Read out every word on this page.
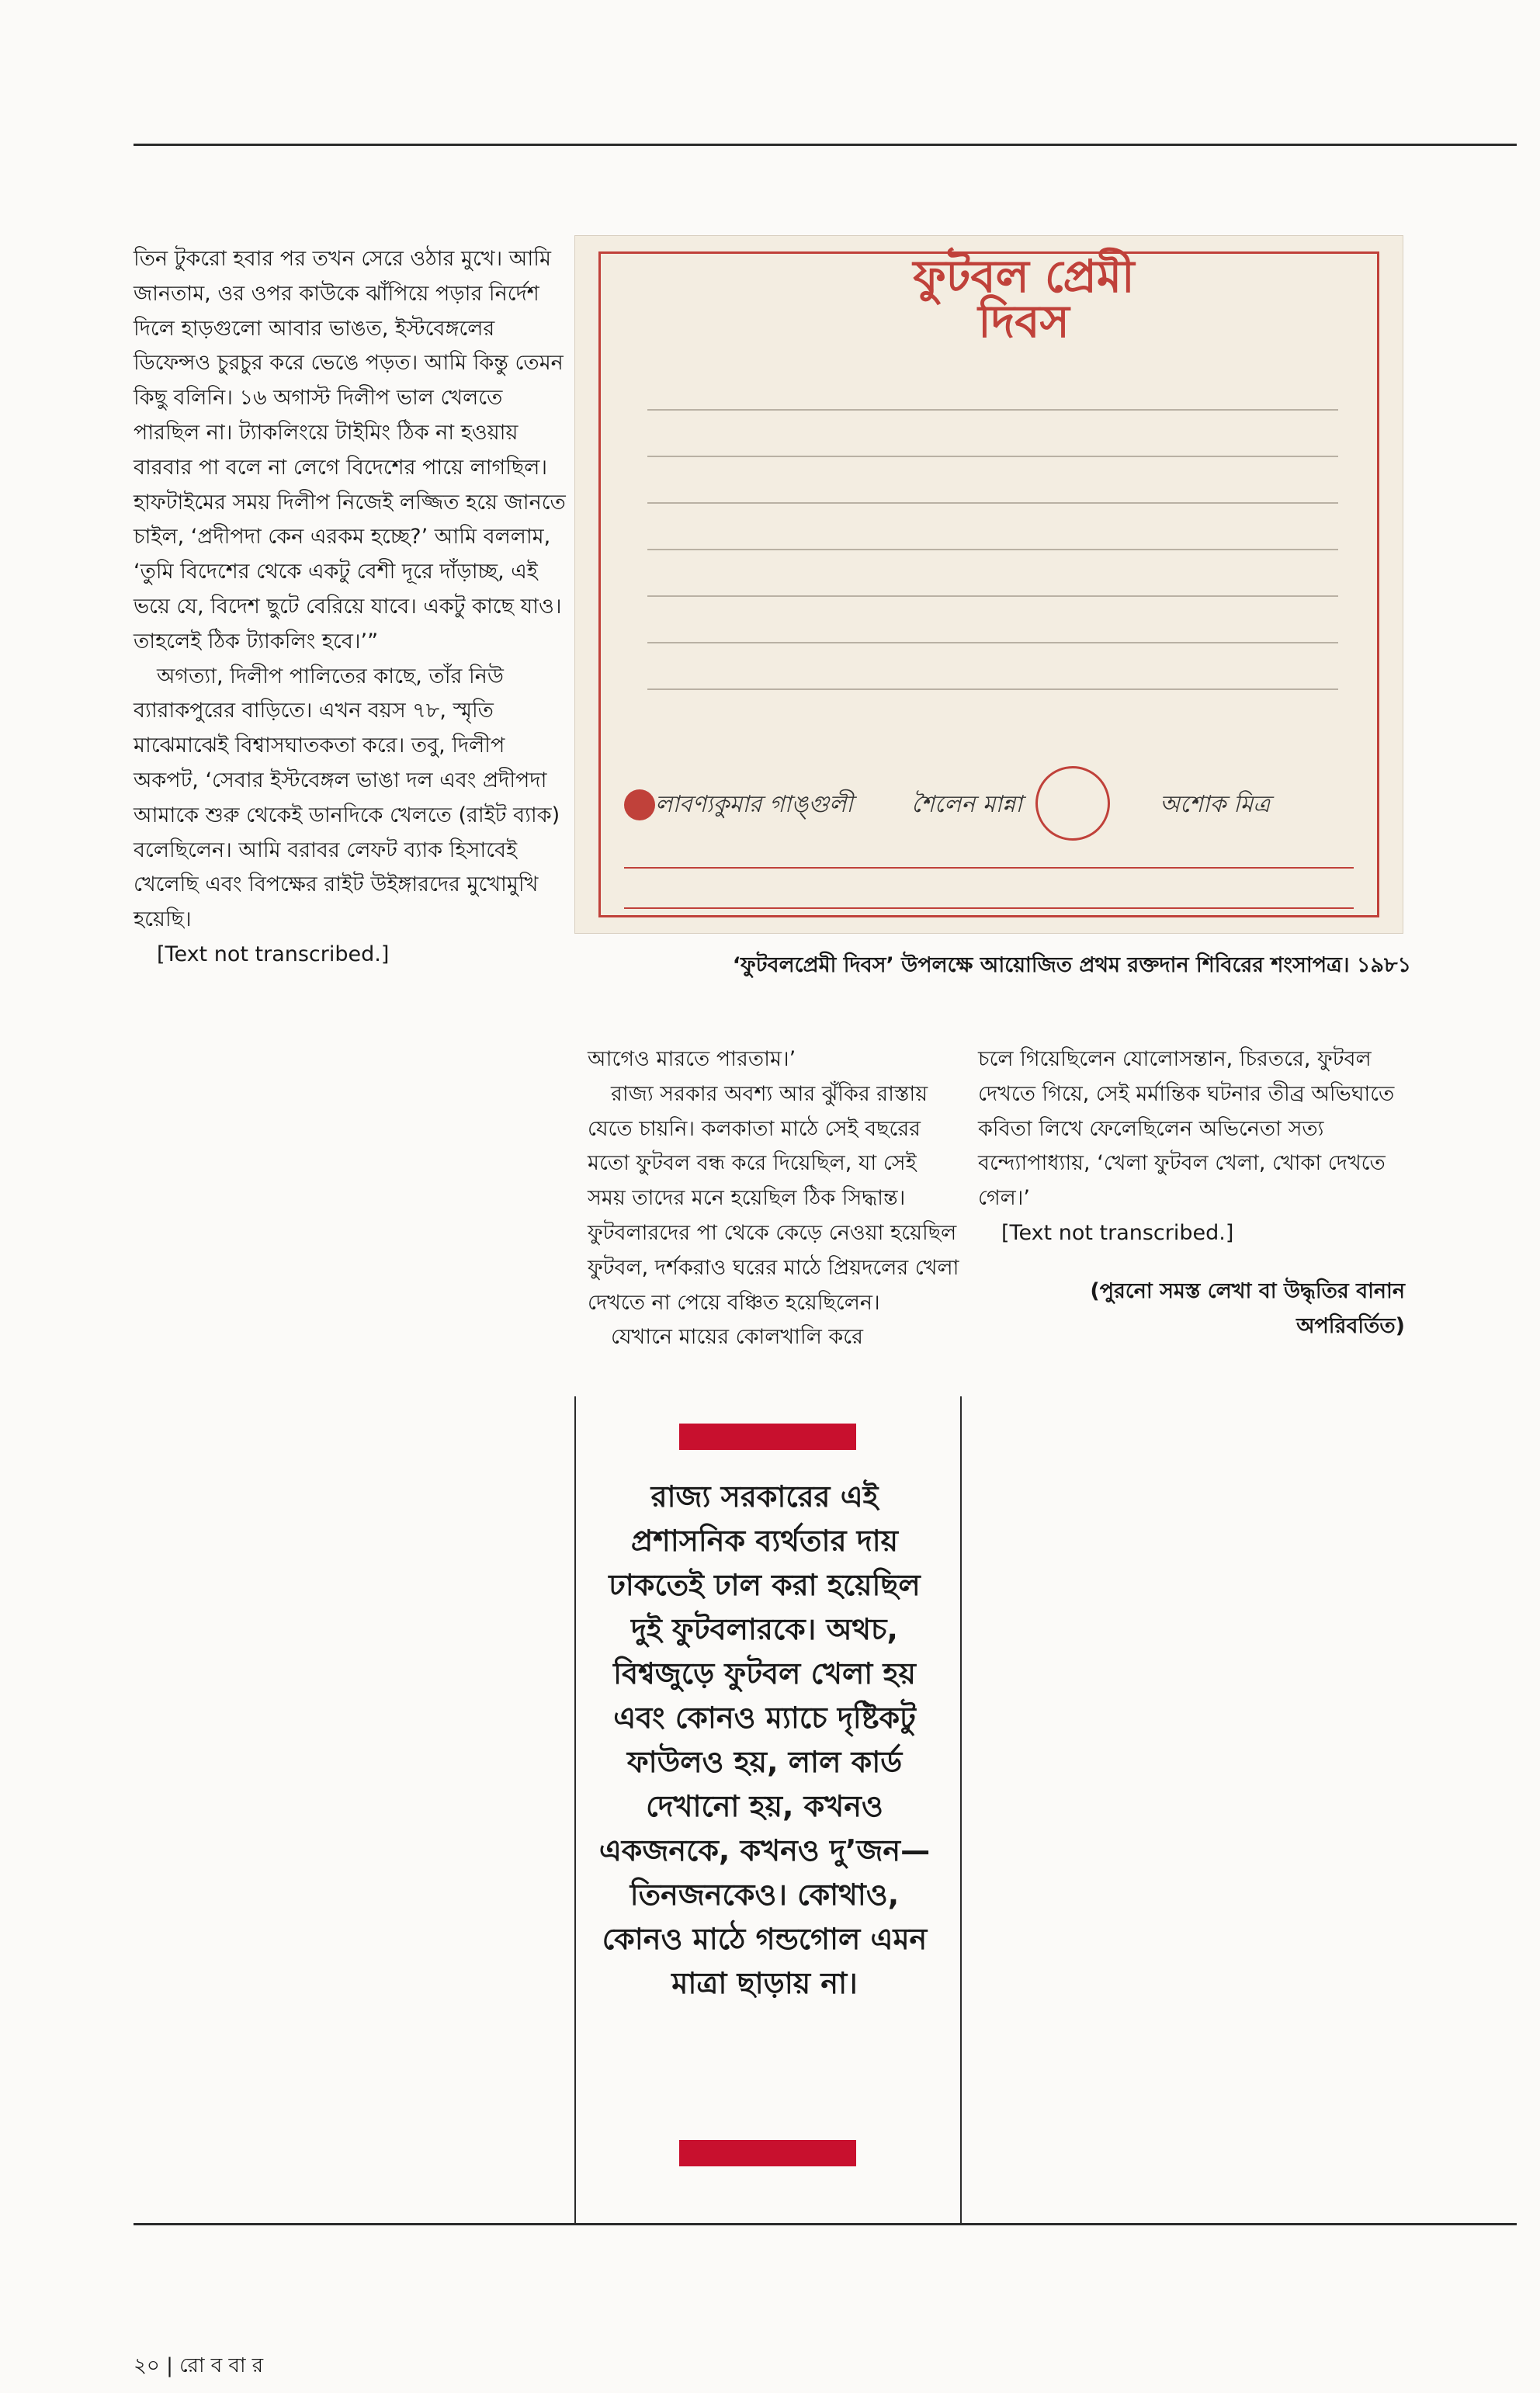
তিন টুকরো হবার পর তখন সেরে ওঠার মুখে। আমি জানতাম, ওর ওপর কাউকে ঝাঁপিয়ে পড়ার নির্দেশ দিলে হাড়গুলো আবার ভাঙত, ইস্টবেঙ্গলের ডিফেন্সও চুরচুর করে ভেঙে পড়ত। আমি কিন্তু তেমন কিছু বলিনি। ১৬ অগাস্ট দিলীপ ভাল খেলতে পারছিল না। ট্যাকলিংয়ে টাইমিং ঠিক না হওয়ায় বারবার পা বলে না লেগে বিদেশের পায়ে লাগছিল। হাফটাইমের সময় দিলীপ নিজেই লজ্জিত হয়ে জানতে চাইল, ‘প্রদীপদা কেন এরকম হচ্ছে?’ আমি বললাম, ‘তুমি বিদেশের থেকে একটু বেশী দূরে দাঁড়াচ্ছ, এই ভয়ে যে, বিদেশ ছুটে বেরিয়ে যাবে। একটু কাছে যাও। তাহলেই ঠিক ট্যাকলিং হবে।’”

অগত্যা, দিলীপ পালিতের কাছে, তাঁর নিউ ব্যারাকপুরের বাড়িতে। এখন বয়স ৭৮, স্মৃতি মাঝেমাঝেই বিশ্বাসঘাতকতা করে। তবু, দিলীপ অকপট, ‘সেবার ইস্টবেঙ্গল ভাঙা দল এবং প্রদীপদা আমাকে শুরু থেকেই ডানদিকে খেলতে (রাইট ব্যাক) বলেছিলেন। আমি বরাবর লেফট ব্যাক হিসাবেই খেলেছি এবং বিপক্ষের রাইট উইঙ্গারদের মুখোমুখি হয়েছি।

[Text not transcribed.]

ফুটবল প্রেমী দিবস
লাবণ্যকুমার গাঙ্গুলী	শৈলেন মান্না	অশোক মিত্র
‘ফুটবলপ্রেমী দিবস’ উপলক্ষে আয়োজিত প্রথম রক্তদান শিবিরের শংসাপত্র। ১৯৮১

আগেও মারতে পারতাম।’

রাজ্য সরকার অবশ্য আর ঝুঁকির রাস্তায় যেতে চায়নি। কলকাতা মাঠে সেই বছরের মতো ফুটবল বন্ধ করে দিয়েছিল, যা সেই সময় তাদের মনে হয়েছিল ঠিক সিদ্ধান্ত। ফুটবলারদের পা থেকে কেড়ে নেওয়া হয়েছিল ফুটবল, দর্শকরাও ঘরের মাঠে প্রিয়দলের খেলা দেখতে না পেয়ে বঞ্চিত হয়েছিলেন।

যেখানে মায়ের কোলখালি করে

রাজ্য সরকারের এই প্রশাসনিক ব্যর্থতার দায় ঢাকতেই ঢাল করা হয়েছিল দুই ফুটবলারকে। অথচ, বিশ্বজুড়ে ফুটবল খেলা হয় এবং কোনও ম্যাচে দৃষ্টিকটু ফাউলও হয়, লাল কার্ড দেখানো হয়, কখনও একজনকে, কখনও দু’জন— তিনজনকেও। কোথাও, কোনও মাঠে গন্ডগোল এমন মাত্রা ছাড়ায় না।

চলে গিয়েছিলেন যোলোসন্তান, চিরতরে, ফুটবল দেখতে গিয়ে, সেই মর্মান্তিক ঘটনার তীব্র অভিঘাতে কবিতা লিখে ফেলেছিলেন অভিনেতা সত্য বন্দ্যোপাধ্যায়, ‘খেলা ফুটবল খেলা, খোকা দেখতে গেল।’

[Text not transcribed.]

(পুরনো সমস্ত লেখা বা উদ্ধৃতির বানান অপরিবর্তিত)

২০ | রো ব বা র
